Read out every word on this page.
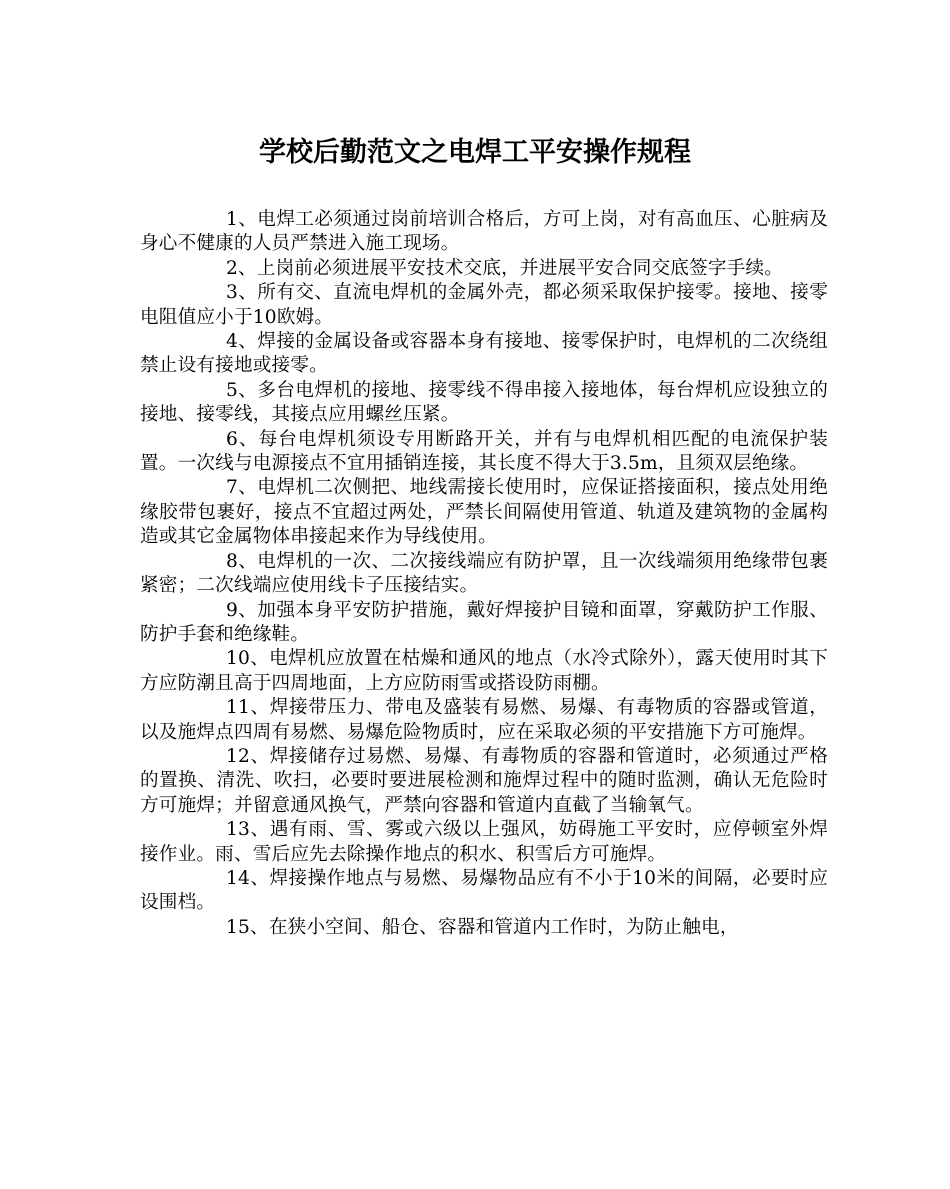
学校后勤范文之电焊工平安操作规程

1、电焊工必须通过岗前培训合格后，方可上岗，对有高血压、心脏病及身心不健康的人员严禁进入施工现场。

2、上岗前必须进展平安技术交底，并进展平安合同交底签字手续。

3、所有交、直流电焊机的金属外壳，都必须采取保护接零。接地、接零电阻值应小于10欧姆。

4、焊接的金属设备或容器本身有接地、接零保护时，电焊机的二次绕组禁止设有接地或接零。

5、多台电焊机的接地、接零线不得串接入接地体，每台焊机应设独立的接地、接零线，其接点应用螺丝压紧。

6、每台电焊机须设专用断路开关，并有与电焊机相匹配的电流保护装置。一次线与电源接点不宜用插销连接，其长度不得大于3.5m，且须双层绝缘。

7、电焊机二次侧把、地线需接长使用时，应保证搭接面积，接点处用绝缘胶带包裹好，接点不宜超过两处，严禁长间隔使用管道、轨道及建筑物的金属构造或其它金属物体串接起来作为导线使用。

8、电焊机的一次、二次接线端应有防护罩，且一次线端须用绝缘带包裹紧密；二次线端应使用线卡子压接结实。

9、加强本身平安防护措施，戴好焊接护目镜和面罩，穿戴防护工作服、防护手套和绝缘鞋。

10、电焊机应放置在枯燥和通风的地点（水冷式除外），露天使用时其下方应防潮且高于四周地面，上方应防雨雪或搭设防雨棚。

11、焊接带压力、带电及盛装有易燃、易爆、有毒物质的容器或管道，以及施焊点四周有易燃、易爆危险物质时，应在采取必须的平安措施下方可施焊。

12、焊接储存过易燃、易爆、有毒物质的容器和管道时，必须通过严格的置换、清洗、吹扫，必要时要进展检测和施焊过程中的随时监测，确认无危险时方可施焊；并留意通风换气，严禁向容器和管道内直截了当输氧气。

13、遇有雨、雪、雾或六级以上强风，妨碍施工平安时，应停顿室外焊接作业。雨、雪后应先去除操作地点的积水、积雪后方可施焊。

14、焊接操作地点与易燃、易爆物品应有不小于10米的间隔，必要时应设围档。

15、在狭小空间、船仓、容器和管道内工作时，为防止触电，
